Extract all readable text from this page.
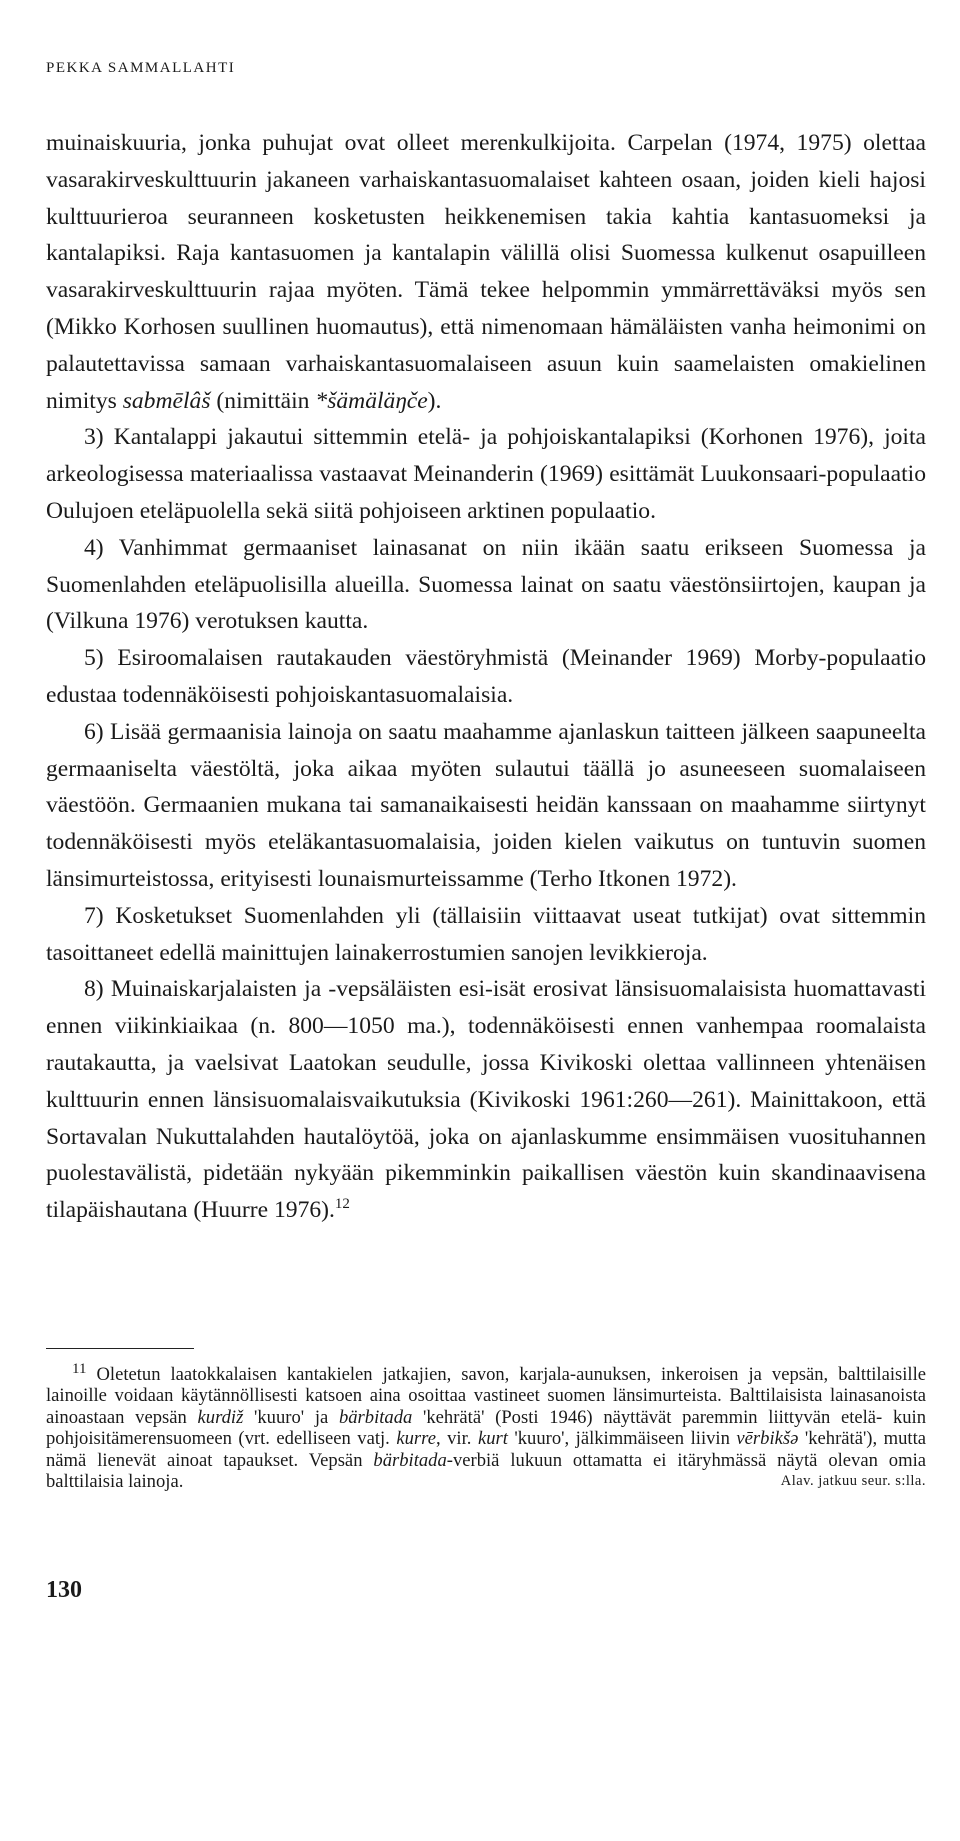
PEKKA SAMMALLAHTI

muinaiskuuria, jonka puhujat ovat olleet merenkulkijoita. Carpelan (1974, 1975) olettaa vasarakirveskulttuurin jakaneen varhaiskantasuomalaiset kahteen osaan, joiden kieli hajosi kulttuurieroa seuranneen kosketusten heikkenemisen takia kahtia kantasuomeksi ja kantalapiksi. Raja kantasuomen ja kantalapin välillä olisi Suomessa kulkenut osapuilleen vasarakirveskulttuurin rajaa myöten. Tämä tekee helpommin ymmärrettäväksi myös sen (Mikko Korhosen suullinen huomautus), että nimenomaan hämäläisten vanha heimonimi on palautettavissa samaan varhaiskantasuomalaiseen asuun kuin saamelaisten omakielinen nimitys sabmēlâš (nimittäin *šämäläŋče).

3) Kantalappi jakautui sittemmin etelä- ja pohjoiskantalapiksi (Korhonen 1976), joita arkeologisessa materiaalissa vastaavat Meinanderin (1969) esittämät Luukonsaari-populaatio Oulujoen eteläpuolella sekä siitä pohjoiseen arktinen populaatio.

4) Vanhimmat germaaniset lainasanat on niin ikään saatu erikseen Suomessa ja Suomenlahden eteläpuolisilla alueilla. Suomessa lainat on saatu väestönsiirtojen, kaupan ja (Vilkuna 1976) verotuksen kautta.

5) Esiroomalaisen rautakauden väestöryhmistä (Meinander 1969) Morby-populaatio edustaa todennäköisesti pohjoiskantasuomalaisia.

6) Lisää germaanisia lainoja on saatu maahamme ajanlaskun taitteen jälkeen saapuneelta germaaniselta väestöltä, joka aikaa myöten sulautui täällä jo asuneeseen suomalaiseen väestöön. Germaanien mukana tai samanaikaisesti heidän kanssaan on maahamme siirtynyt todennäköisesti myös eteläkantasuomalaisia, joiden kielen vaikutus on tuntuvin suomen länsimurteistossa, erityisesti lounaismurteissamme (Terho Itkonen 1972).

7) Kosketukset Suomenlahden yli (tällaisiin viittaavat useat tutkijat) ovat sittemmin tasoittaneet edellä mainittujen lainakerrostumien sanojen levikkieroja.

8) Muinaiskarjalaisten ja -vepsäläisten esi-isät erosivat länsisuomalaisista huomattavasti ennen viikinkiaikaa (n. 800—1050 ma.), todennäköisesti ennen vanhempaa roomalaista rautakautta, ja vaelsivat Laatokan seudulle, jossa Kivikoski olettaa vallinneen yhtenäisen kulttuurin ennen länsisuomalaisvaikutuksia (Kivikoski 1961:260—261). Mainittakoon, että Sortavalan Nukuttalahden hautalöytöä, joka on ajanlaskumme ensimmäisen vuosituhannen puolestavälistä, pidetään nykyään pikemminkin paikallisen väestön kuin skandinaavisena tilapäishautana (Huurre 1976).$^{12}$

$^{11}$ Oletetun laatokkalaisen kantakielen jatkajien, savon, karjala-aunuksen, inkeroisen ja vepsän, balttilaisille lainoille voidaan käytännöllisesti katsoen aina osoittaa vastineet suomen länsimurteista. Balttilaisista lainasanoista ainoastaan vepsän kurdiž 'kuuro' ja bärbitada 'kehrätä' (Posti 1946) näyttävät paremmin liittyvän etelä- kuin pohjoisitämerensuomeen (vrt. edelliseen vatj. kurre, vir. kurt 'kuuro', jälkimmäiseen liivin vērbikšə 'kehrätä'), mutta nämä lienevät ainoat tapaukset. Vepsän bärbitada-verbiä lukuun ottamatta ei itäryhmässä näytä olevan omia balttilaisia lainoja.	Alav. jatkuu seur. s:lla.
130
